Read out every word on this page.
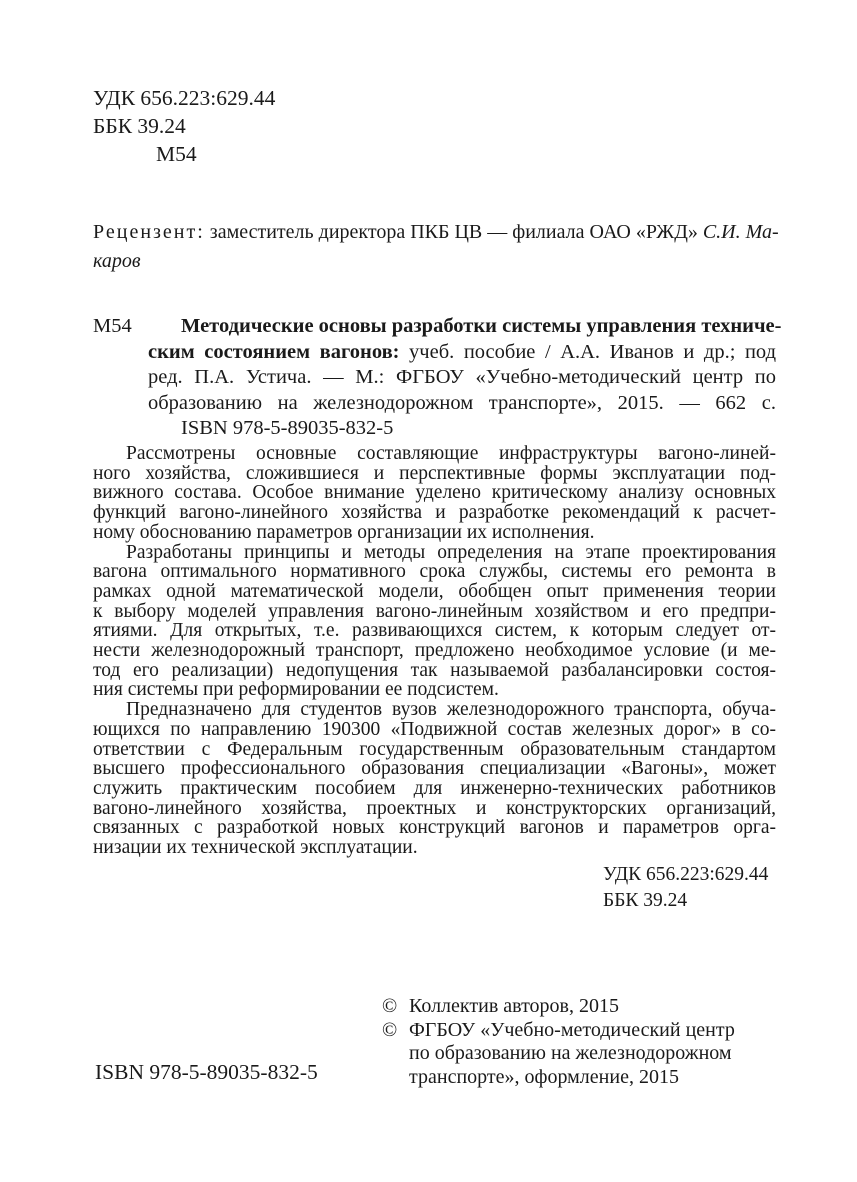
УДК 656.223:629.44
ББК 39.24
М54
Рецензент: заместитель директора ПКБ ЦВ — филиала ОАО «РЖД» С.И. Ма-
каров
М54	Методические основы разработки системы управления техниче-
ским состоянием вагонов: учеб. пособие / А.А. Иванов и др.; под
ред. П.А. Устича. — М.: ФГБОУ «Учебно-методический центр по
образованию на железнодорожном транспорте», 2015. — 662 с.
ISBN 978-5-89035-832-5
Рассмотрены основные составляющие инфраструктуры вагоно-линей-
ного хозяйства, сложившиеся и перспективные формы эксплуатации под-
вижного состава. Особое внимание уделено критическому анализу основных
функций вагоно-линейного хозяйства и разработке рекомендаций к расчет-
ному обоснованию параметров организации их исполнения.
Разработаны принципы и методы определения на этапе проектирования
вагона оптимального нормативного срока службы, системы его ремонта в
рамках одной математической модели, обобщен опыт применения теории
к выбору моделей управления вагоно-линейным хозяйством и его предпри-
ятиями. Для открытых, т.е. развивающихся систем, к которым следует от-
нести железнодорожный транспорт, предложено необходимое условие (и ме-
тод его реализации) недопущения так называемой разбалансировки состоя-
ния системы при реформировании ее подсистем.
Предназначено для студентов вузов железнодорожного транспорта, обуча-
ющихся по направлению 190300 «Подвижной состав железных дорог» в со-
ответствии с Федеральным государственным образовательным стандартом
высшего профессионального образования специализации «Вагоны», может
служить практическим пособием для инженерно-технических работников
вагоно-линейного хозяйства, проектных и конструкторских организаций,
связанных с разработкой новых конструкций вагонов и параметров орга-
низации их технической эксплуатации.
УДК 656.223:629.44
ББК 39.24
© Коллектив авторов, 2015
© ФГБОУ «Учебно-методический центр
по образованию на железнодорожном
транспорте», оформление, 2015
ISBN 978-5-89035-832-5
